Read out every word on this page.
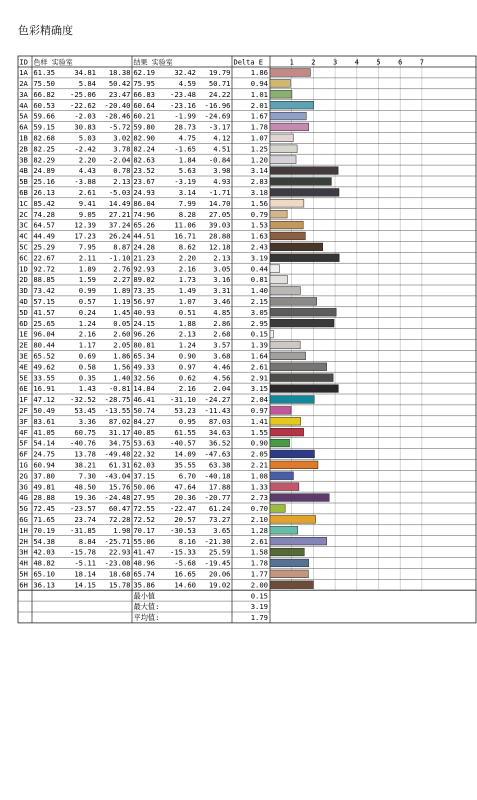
色彩精确度
ID 色样 实验室	结果 实验室	Delta E	1 2 3 4 5 6 7
1A 61.35	34.81 18.38 62.19	32.42 19.79	1.86
2A 75.50	5.84 50.42 75.95	4.59 50.71	0.94
3A 66.82 -25.06 23.47 66.83 -23.48 24.22	1.01
4A 60.53 -22.62 -20.40 60.64 -23.16 -16.96	2.01
5A 59.66	-2.03 -28.46 60.21	-1.99 -24.69	1.67
6A 59.15	30.83 -5.72 59.80	28.73 -3.17	1.78
1B 82.68	5.03 3.02 82.90	4.75 4.12	1.07
2B 82.25	-2.42 3.78 82.24	-1.65 4.51	1.25
3B 82.29	2.20 -2.04 82.63	1.84 -0.84	1.20
4B 24.89	4.43 0.78 23.52	5.63 3.98	3.14
5B 25.16	-3.88 2.13 23.67	-3.19 4.93	2.83
6B 26.13	2.61 -5.03 24.93	3.14 -1.71	3.18
1C 85.42	9.41 14.49 86.04	7.99 14.70	1.56
2C 74.28	9.05 27.21 74.96	8.28 27.05	0.79
3C 64.57	12.39 37.24 65.26	11.06 39.03	1.53
4C 44.49	17.23 26.24 44.51	16.71 28.88	1.63
5C 25.29	7.95 8.87 24.28	8.62 12.18	2.43
6C 22.67	2.11 -1.10 21.23	2.20 2.13	3.19
1D 92.72	1.89 2.76 92.93	2.16 3.05	0.44
2D 88.85	1.59 2.27 89.02	1.73 3.16	0.81
3D 73.42	0.99 1.89 73.35	1.49 3.31	1.40
4D 57.15	0.57 1.19 56.97	1.07 3.46	2.15
5D 41.57	0.24 1.45 40.93	0.51 4.85	3.05
6D 25.65	1.24 0.05 24.15	1.88 2.86	2.95
1E 96.04	2.16 2.60 96.26	2.13 2.68	0.15
2E 80.44	1.17 2.05 80.81	1.24 3.57	1.39
3E 65.52	0.69 1.86 65.34	0.90 3.68	1.64
4E 49.62	0.58 1.56 49.33	0.97 4.46	2.61
5E 33.55	0.35 1.40 32.56	0.62 4.56	2.91
6E 16.91	1.43 -0.81 14.84	2.16 2.04	3.15
1F 47.12 -32.52 -28.75 46.41 -31.10 -24.27	2.04
2F 50.49	53.45 -13.55 50.74	53.23 -11.43	0.97
3F 83.61	3.36 87.02 84.27	0.95 87.03	1.41
4F 41.05	60.75 31.17 40.85	61.55 34.63	1.55
5F 54.14 -40.76 34.75 53.63 -40.57 36.52	0.90
6F 24.75	13.78 -49.48 22.32	14.09 -47.63	2.05
1G 60.94	38.21 61.31 62.03	35.55 63.38	2.21
2G 37.80	7.30 -43.04 37.15	6.70 -40.18	1.08
3G 49.81	48.50 15.76 50.06	47.64 17.88	1.33
4G 28.88	19.36 -24.48 27.95	20.36 -20.77	2.73
5G 72.45 -23.57 60.47 72.55 -22.47 61.24	0.70
6G 71.65	23.74 72.28 72.52	20.57 73.27	2.10
1H 70.19 -31.85 1.98 70.17 -30.53 3.65	1.28
2H 54.38	8.84 -25.71 55.06	8.16 -21.30	2.61
3H 42.03 -15.78 22.93 41.47 -15.33 25.59	1.58
4H 48.82	-5.11 -23.08 48.96	-5.68 -19.45	1.78
5H 65.10	18.14 18.68 65.74	16.65 20.06	1.77
6H 36.13	14.15 15.78 35.86	14.60 19.02	2.00
最小值	0.15
最大值:	3.19
平均值:	1.79
